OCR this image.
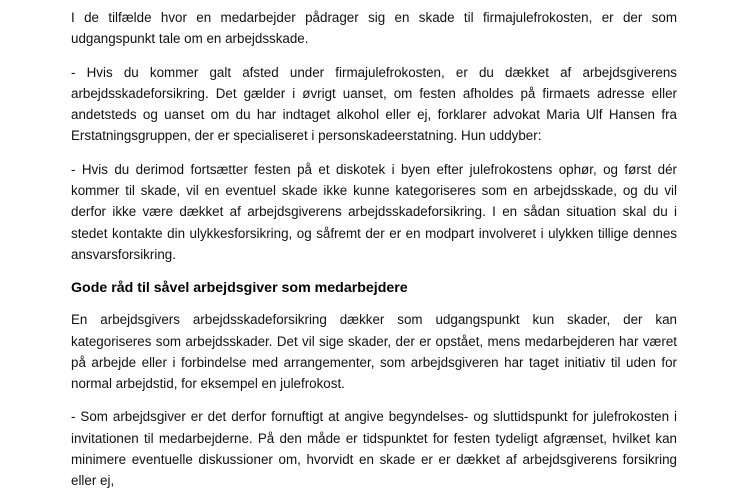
I de tilfælde hvor en medarbejder pådrager sig en skade til firmajulefrokosten, er der som udgangspunkt tale om en arbejdsskade.

- Hvis du kommer galt afsted under firmajulefrokosten, er du dækket af arbejdsgiverens arbejdsskadeforsikring. Det gælder i øvrigt uanset, om festen afholdes på firmaets adresse eller andetsteds og uanset om du har indtaget alkohol eller ej, forklarer advokat Maria Ulf Hansen fra Erstatningsgruppen, der er specialiseret i personskadeerstatning. Hun uddyber:

- Hvis du derimod fortsætter festen på et diskotek i byen efter julefrokostens ophør, og først dér kommer til skade, vil en eventuel skade ikke kunne kategoriseres som en arbejdsskade, og du vil derfor ikke være dækket af arbejdsgiverens arbejdsskadeforsikring. I en sådan situation skal du i stedet kontakte din ulykkesforsikring, og såfremt der er en modpart involveret i ulykken tillige dennes ansvarsforsikring.

Gode råd til såvel arbejdsgiver som medarbejdere

En arbejdsgivers arbejdsskadeforsikring dækker som udgangspunkt kun skader, der kan kategoriseres som arbejdsskader. Det vil sige skader, der er opstået, mens medarbejderen har været på arbejde eller i forbindelse med arrangementer, som arbejdsgiveren har taget initiativ til uden for normal arbejdstid, for eksempel en julefrokost.

- Som arbejdsgiver er det derfor fornuftigt at angive begyndelses- og sluttidspunkt for julefrokosten i invitationen til medarbejderne. På den måde er tidspunktet for festen tydeligt afgrænset, hvilket kan minimere eventuelle diskussioner om, hvorvidt en skade er er dækket af arbejdsgiverens forsikring eller ej,
